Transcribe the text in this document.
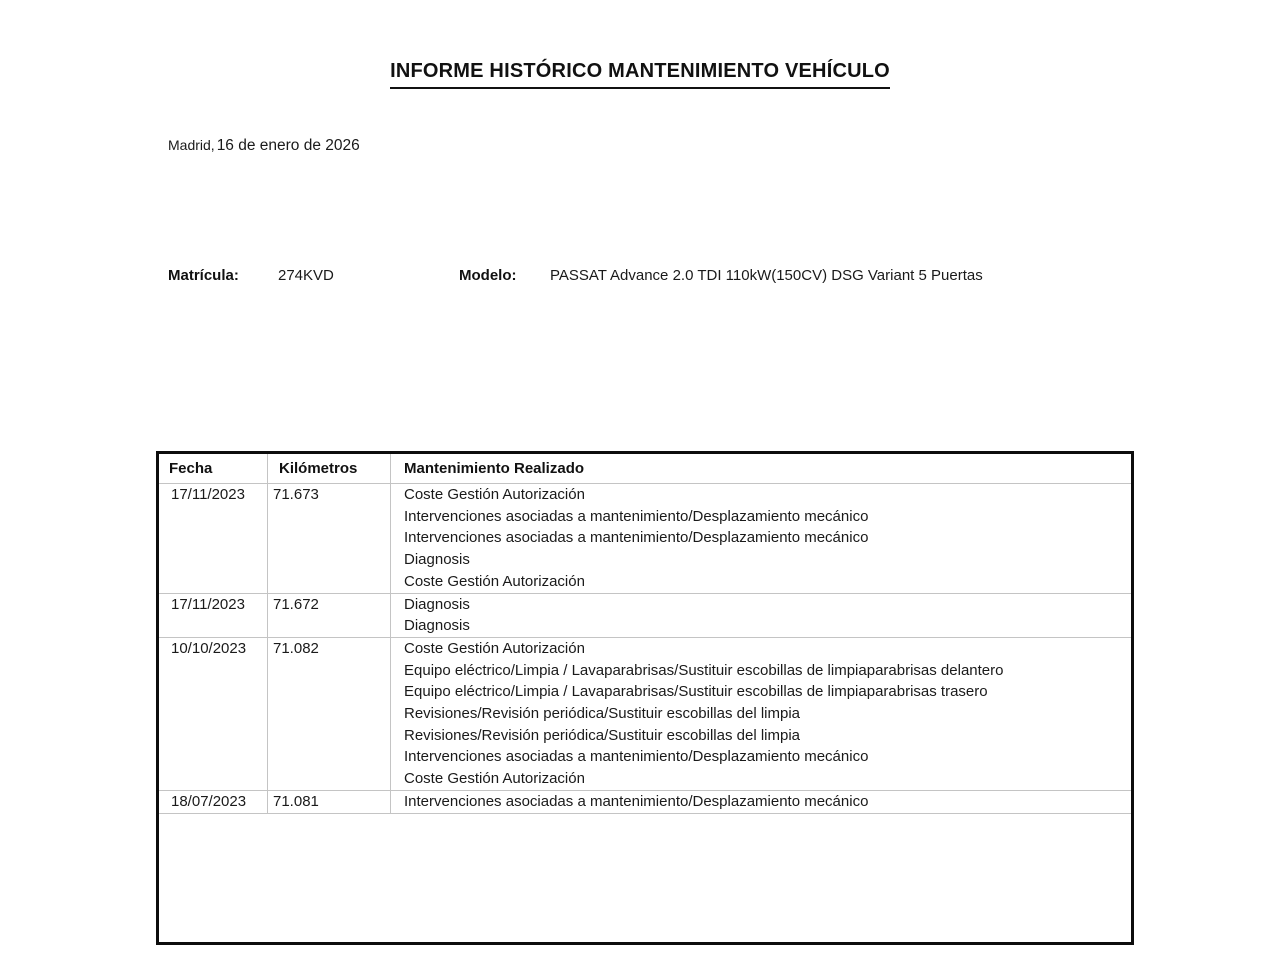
INFORME HISTÓRICO MANTENIMIENTO VEHÍCULO
Madrid, 16 de enero de 2026
Matrícula:	274KVD	Modelo: PASSAT Advance 2.0 TDI 110kW(150CV) DSG Variant 5 Puertas
Fecha	Kilómetros	Mantenimiento Realizado
17/11/2023	71.673	Coste Gestión Autorización
Intervenciones asociadas a mantenimiento/Desplazamiento mecánico
Intervenciones asociadas a mantenimiento/Desplazamiento mecánico
Diagnosis
Coste Gestión Autorización
17/11/2023	71.672	Diagnosis
Diagnosis
10/10/2023	71.082	Coste Gestión Autorización
Equipo eléctrico/Limpia / Lavaparabrisas/Sustituir escobillas de limpiaparabrisas delantero
Equipo eléctrico/Limpia / Lavaparabrisas/Sustituir escobillas de limpiaparabrisas trasero
Revisiones/Revisión periódica/Sustituir escobillas del limpia
Revisiones/Revisión periódica/Sustituir escobillas del limpia
Intervenciones asociadas a mantenimiento/Desplazamiento mecánico
Coste Gestión Autorización
18/07/2023	71.081	Intervenciones asociadas a mantenimiento/Desplazamiento mecánico
